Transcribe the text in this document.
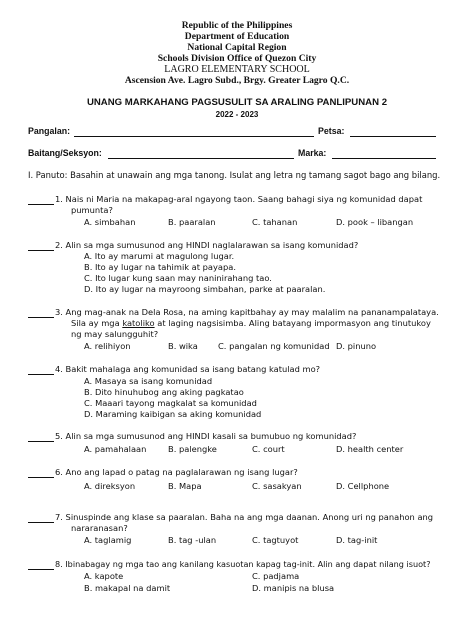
Republic of the Philippines
Department of Education
National Capital Region
Schools Division Office of Quezon City
LAGRO ELEMENTARY SCHOOL
Ascension Ave. Lagro Subd., Brgy. Greater Lagro Q.C.
UNANG MARKAHANG PAGSUSULIT SA ARALING PANLIPUNAN 2
2022 - 2023
Pangalan:	Petsa:
Baitang/Seksyon:	Marka:
I. Panuto: Basahin at unawain ang mga tanong. Isulat ang letra ng tamang sagot bago ang bilang.
1. Nais ni Maria na makapag-aral ngayong taon. Saang bahagi siya ng komunidad dapat
pumunta?
A. simbahan	B. paaralan	C. tahanan	D. pook – libangan
2. Alin sa mga sumusunod ang HINDI naglalarawan sa isang komunidad?
A. Ito ay marumi at magulong lugar.
B. Ito ay lugar na tahimik at payapa.
C. Ito lugar kung saan may naninirahang tao.
D. Ito ay lugar na mayroong simbahan, parke at paaralan.
3. Ang mag-anak na Dela Rosa, na aming kapitbahay ay may malalim na pananampalataya.
Sila ay mga katoliko at laging nagsisimba. Aling batayang impormasyon ang tinutukoy
ng may salungguhit?
A. relihiyon	B. wika C. pangalan ng komunidad D. pinuno
4. Bakit mahalaga ang komunidad sa isang batang katulad mo?
A. Masaya sa isang komunidad
B. Dito hinuhubog ang aking pagkatao
C. Maaari tayong magkalat sa komunidad
D. Maraming kaibigan sa aking komunidad
5. Alin sa mga sumusunod ang HINDI kasali sa bumubuo ng komunidad?
A. pamahalaan	B. palengke	C. court	D. health center
6. Ano ang lapad o patag na paglalarawan ng isang lugar?
A. direksyon	B. Mapa	C. sasakyan	D. Cellphone
7. Sinuspinde ang klase sa paaralan. Baha na ang mga daanan. Anong uri ng panahon ang
nararanasan?
A. taglamig	B. tag -ulan	C. tagtuyot	D. tag-init
8. Ibinabagay ng mga tao ang kanilang kasuotan kapag tag-init. Alin ang dapat nilang isuot?
A. kapote
B. makapal na damit
C. padjama
D. manipis na blusa
